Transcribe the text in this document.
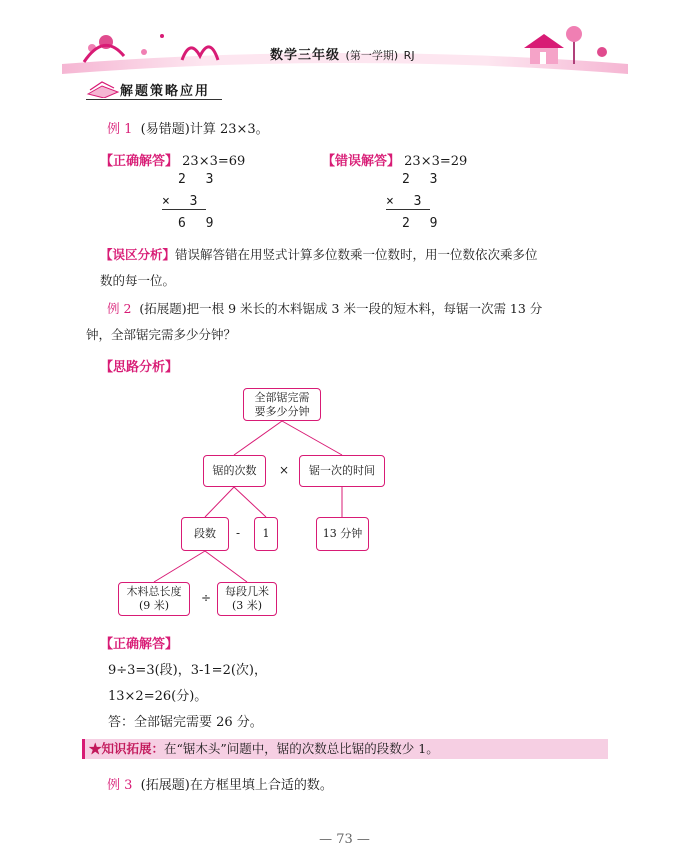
数学三年级 (第一学期) RJ
解题策略应用
例 1 (易错题)计算 23×3。
【正确解答】 23×3=69
2 3
× 3
6 9
【错误解答】 23×3=29
2 3
× 3
2 9
【误区分析】错误解答错在用竖式计算多位数乘一位数时，用一位数依次乘多位
数的每一位。
例 2 (拓展题)把一根 9 米长的木料锯成 3 米一段的短木料，每锯一次需 13 分
钟，全部锯完需多少分钟？
【思路分析】
全部锯完需要多少分钟
锯的次数 × 锯一次的时间
段数 - 1	13 分钟
木料总长度
(9 米)
÷ 每段几米
(3 米)
【正确解答】
9÷3=3(段)，3-1=2(次)，
13×2=26(分)。
答：全部锯完需要 26 分。
★知识拓展：在“锯木头”问题中，锯的次数总比锯的段数少 1。
例 3 (拓展题)在方框里填上合适的数。
— 73 —
